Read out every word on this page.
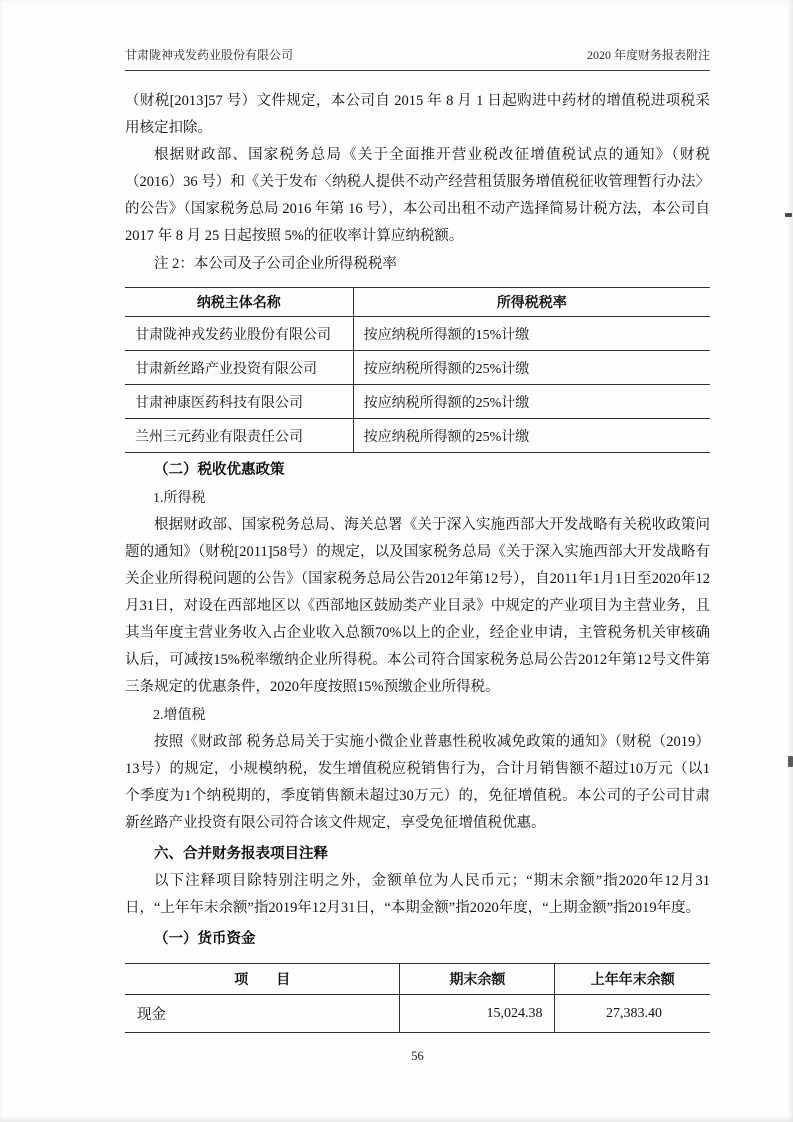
甘肃陇神戎发药业股份有限公司	2020 年度财务报表附注

（财税[2013]57 号）文件规定，本公司自 2015 年 8 月 1 日起购进中药材的增值税进项税采用核定扣除。

根据财政部、国家税务总局《关于全面推开营业税改征增值税试点的通知》（财税（2016）36 号）和《关于发布〈纳税人提供不动产经营租赁服务增值税征收管理暂行办法〉的公告》（国家税务总局 2016 年第 16 号），本公司出租不动产选择简易计税方法，本公司自 2017 年 8 月 25 日起按照 5%的征收率计算应纳税额。

注 2：本公司及子公司企业所得税税率

纳税主体名称	所得税税率
甘肃陇神戎发药业股份有限公司	按应纳税所得额的15%计缴
甘肃新丝路产业投资有限公司	按应纳税所得额的25%计缴
甘肃神康医药科技有限公司	按应纳税所得额的25%计缴
兰州三元药业有限责任公司	按应纳税所得额的25%计缴
（二）税收优惠政策
1.所得税

根据财政部、国家税务总局、海关总署《关于深入实施西部大开发战略有关税收政策问题的通知》（财税[2011]58号）的规定，以及国家税务总局《关于深入实施西部大开发战略有关企业所得税问题的公告》（国家税务总局公告2012年第12号），自2011年1月1日至2020年12月31日，对设在西部地区以《西部地区鼓励类产业目录》中规定的产业项目为主营业务，且其当年度主营业务收入占企业收入总额70%以上的企业，经企业申请，主管税务机关审核确认后，可减按15%税率缴纳企业所得税。本公司符合国家税务总局公告2012年第12号文件第三条规定的优惠条件，2020年度按照15%预缴企业所得税。

2.增值税

按照《财政部 税务总局关于实施小微企业普惠性税收减免政策的通知》（财税（2019）13号）的规定，小规模纳税，发生增值税应税销售行为，合计月销售额不超过10万元（以1个季度为1个纳税期的，季度销售额未超过30万元）的，免征增值税。本公司的子公司甘肃新丝路产业投资有限公司符合该文件规定，享受免征增值税优惠。

六、合并财务报表项目注释

以下注释项目除特别注明之外，金额单位为人民币元；“期末余额”指2020年12月31日，“上年年末余额”指2019年12月31日，“本期金额”指2020年度，“上期金额”指2019年度。

（一）货币资金
项　　目	期末余额	上年年末余额
现金	15,024.38	27,383.40
56
